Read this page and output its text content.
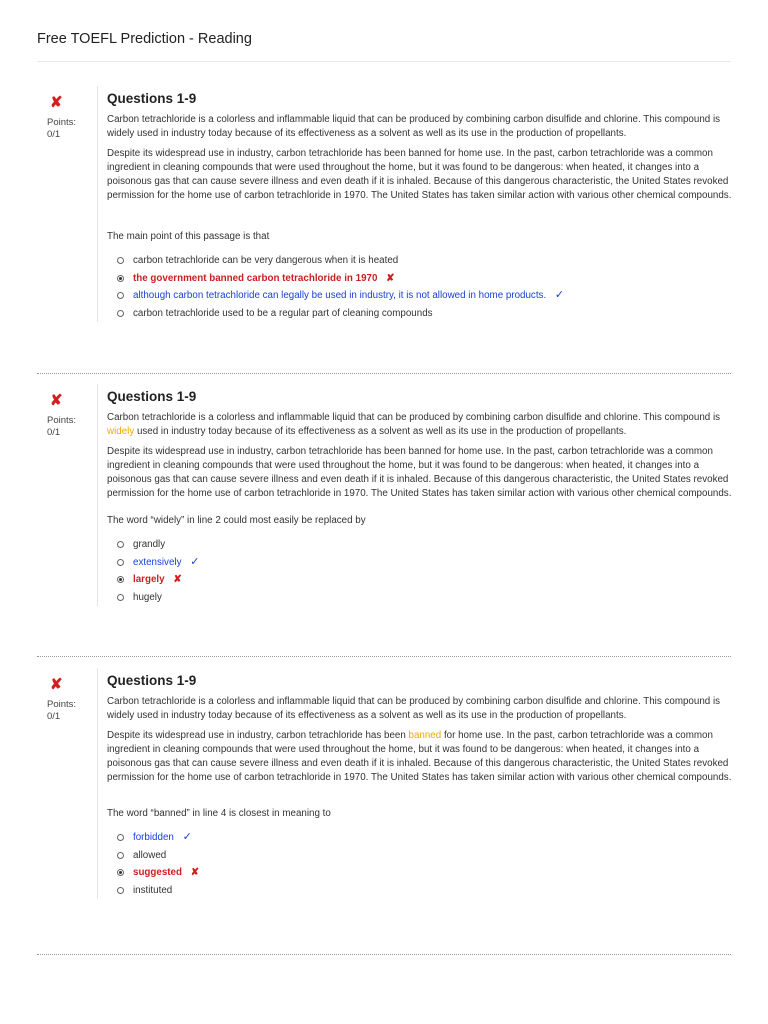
Free TOEFL Prediction - Reading
✘
Points:
0/1
Questions 1-9

Carbon tetrachloride is a colorless and inflammable liquid that can be produced by combining carbon disulfide and chlorine. This compound is widely used in industry today because of its effectiveness as a solvent as well as its use in the production of propellants.

Despite its widespread use in industry, carbon tetrachloride has been banned for home use. In the past, carbon tetrachloride was a common ingredient in cleaning compounds that were used throughout the home, but it was found to be dangerous: when heated, it changes into a poisonous gas that can cause severe illness and even death if it is inhaled. Because of this dangerous characteristic, the United States revoked permission for the home use of carbon tetrachloride in 1970. The United States has taken similar action with various other chemical compounds.

The main point of this passage is that

carbon tetrachloride can be very dangerous when it is heated
the government banned carbon tetrachloride in 1970 ✘
although carbon tetrachloride can legally be used in industry, it is not allowed in home products. ✓
carbon tetrachloride used to be a regular part of cleaning compounds
✘
Points:
0/1
Questions 1-9

Carbon tetrachloride is a colorless and inflammable liquid that can be produced by combining carbon disulfide and chlorine. This compound is widely used in industry today because of its effectiveness as a solvent as well as its use in the production of propellants.

Despite its widespread use in industry, carbon tetrachloride has been banned for home use. In the past, carbon tetrachloride was a common ingredient in cleaning compounds that were used throughout the home, but it was found to be dangerous: when heated, it changes into a poisonous gas that can cause severe illness and even death if it is inhaled. Because of this dangerous characteristic, the United States revoked permission for the home use of carbon tetrachloride in 1970. The United States has taken similar action with various other chemical compounds.

The word “widely” in line 2 could most easily be replaced by

grandly
extensively ✓
largely ✘
hugely
✘
Points:
0/1
Questions 1-9

Carbon tetrachloride is a colorless and inflammable liquid that can be produced by combining carbon disulfide and chlorine. This compound is widely used in industry today because of its effectiveness as a solvent as well as its use in the production of propellants.

Despite its widespread use in industry, carbon tetrachloride has been banned for home use. In the past, carbon tetrachloride was a common ingredient in cleaning compounds that were used throughout the home, but it was found to be dangerous: when heated, it changes into a poisonous gas that can cause severe illness and even death if it is inhaled. Because of this dangerous characteristic, the United States revoked permission for the home use of carbon tetrachloride in 1970. The United States has taken similar action with various other chemical compounds.

The word “banned” in line 4 is closest in meaning to

forbidden ✓
allowed
suggested ✘
instituted
